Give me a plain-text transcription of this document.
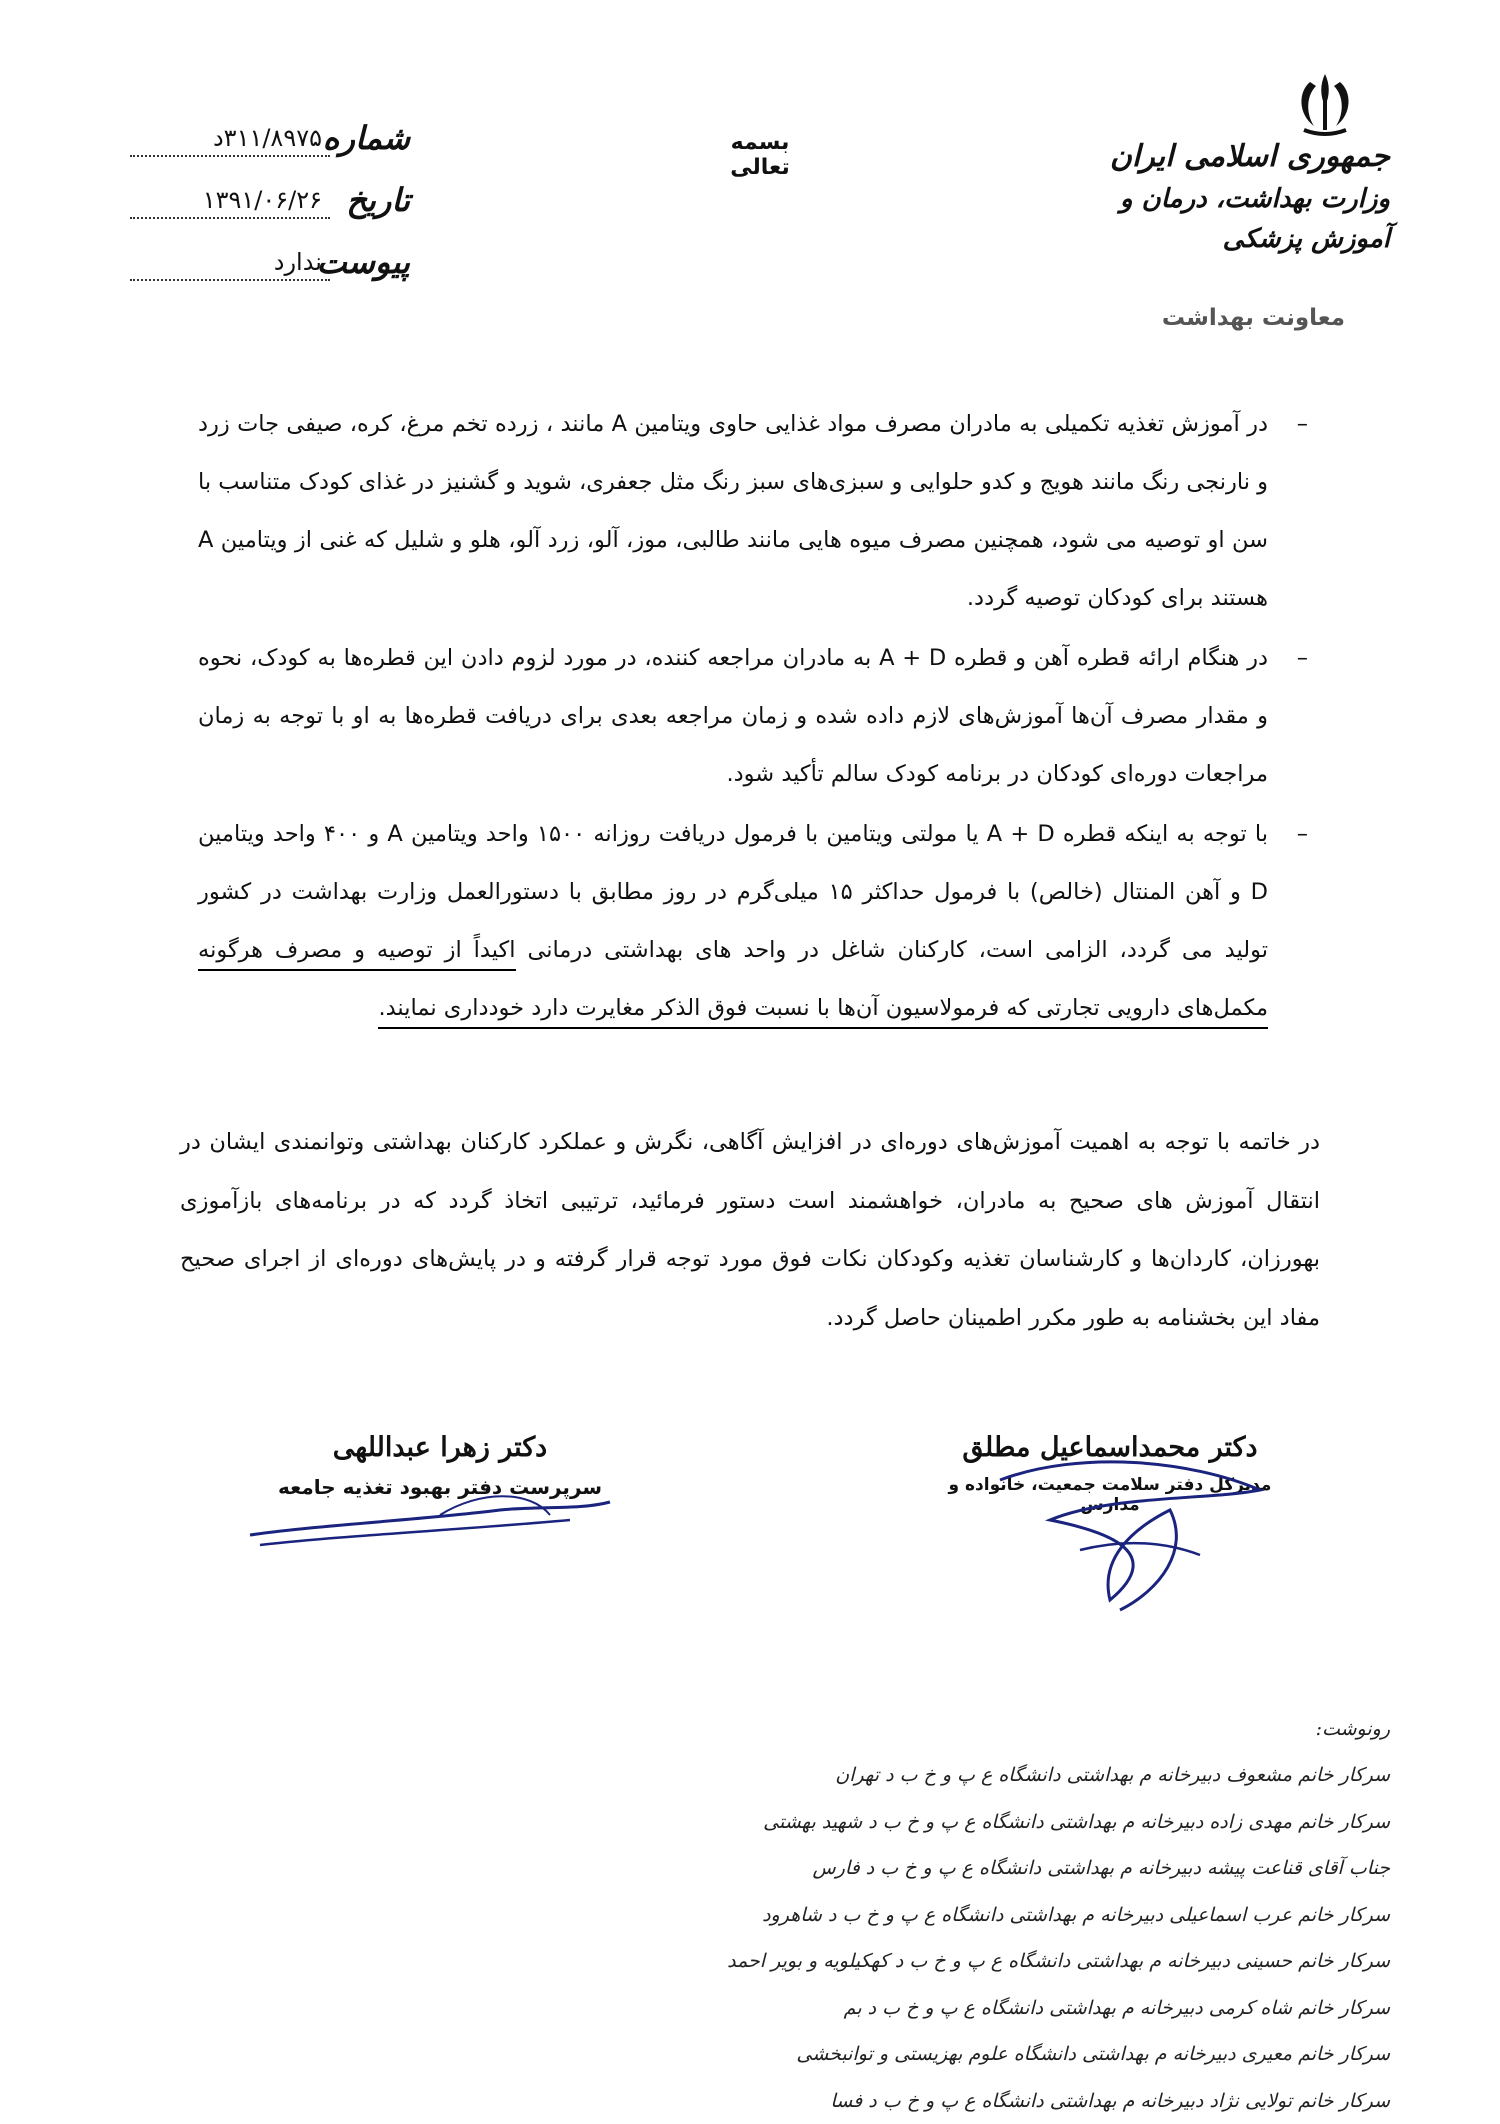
جمهوری اسلامی ایران
وزارت بهداشت، درمان و آموزش پزشکی
معاونت بهداشت
بسمه تعالی
شماره
۳۱۱/۸۹۷۵د
تاریخ
۱۳۹۱/۰۶/۲۶
پیوست
ندارد
–
در آموزش تغذیه تکمیلی به مادران مصرف مواد غذایی حاوی ویتامین A مانند ، زرده تخم مرغ، کره، صیفی جات زرد و نارنجی رنگ مانند هویج و کدو حلوایی و سبزی‌های سبز رنگ مثل جعفری، شوید و گشنیز در غذای کودک متناسب با سن او توصیه می شود، همچنین مصرف میوه هایی مانند طالبی، موز، آلو، زرد آلو، هلو و شلیل که غنی از ویتامین A هستند برای کودکان توصیه گردد.
–
در هنگام ارائه قطره آهن و قطره A + D به مادران مراجعه کننده، در مورد لزوم دادن این قطره‌ها به کودک، نحوه و مقدار مصرف آن‌ها آموزش‌های لازم داده شده و زمان مراجعه بعدی برای دریافت قطره‌ها به او با توجه به زمان مراجعات دوره‌ای کودکان در برنامه کودک سالم تأکید شود.
–
با توجه به اینکه قطره A + D یا مولتی ویتامین با فرمول دریافت روزانه ۱۵۰۰ واحد ویتامین A و ۴۰۰ واحد ویتامین D و آهن المنتال (خالص) با فرمول حداکثر ۱۵ میلی‌گرم در روز مطابق با دستورالعمل وزارت بهداشت در کشور تولید می گردد، الزامی است، کارکنان شاغل در واحد های بهداشتی درمانی اکیداً از توصیه و مصرف هرگونه مکمل‌های دارویی تجارتی که فرمولاسیون آن‌ها با نسبت فوق الذکر مغایرت دارد خودداری نمایند.
در خاتمه با توجه به اهمیت آموزش‌های دوره‌ای در افزایش آگاهی، نگرش و عملکرد کارکنان بهداشتی وتوانمندی ایشان در انتقال آموزش های صحیح به مادران، خواهشمند است دستور فرمائید، ترتیبی اتخاذ گردد که در برنامه‌های بازآموزی بهورزان، کاردان‌ها و کارشناسان تغذیه وکودکان نکات فوق مورد توجه قرار گرفته و در پایش‌های دوره‌ای از اجرای صحیح مفاد این بخشنامه به طور مکرر اطمینان حاصل گردد.
دکتر محمداسماعیل مطلق
مدیرکل دفتر سلامت جمعیت، خانواده و مدارس
دکتر زهرا عبداللهی
سرپرست دفتر بهبود تغذیه جامعه
رونوشت:
سرکار خانم مشعوف دبیرخانه م بهداشتی دانشگاه ع پ و خ ب د تهران
سرکار خانم مهدی زاده دبیرخانه م بهداشتی دانشگاه ع پ و خ ب د شهید بهشتی
جناب آقای قناعت پیشه دبیرخانه م بهداشتی دانشگاه ع پ و خ ب د فارس
سرکار خانم عرب اسماعیلی دبیرخانه م بهداشتی دانشگاه ع پ و خ ب د شاهرود
سرکار خانم حسینی دبیرخانه م بهداشتی دانشگاه ع پ و خ ب د کهکیلویه و بویر احمد
سرکار خانم شاه کرمی دبیرخانه م بهداشتی دانشگاه ع پ و خ ب د بم
سرکار خانم معیری دبیرخانه م بهداشتی دانشگاه علوم بهزیستی و توانبخشی
سرکار خانم تولایی نژاد دبیرخانه م بهداشتی دانشگاه ع پ و خ ب د فسا
